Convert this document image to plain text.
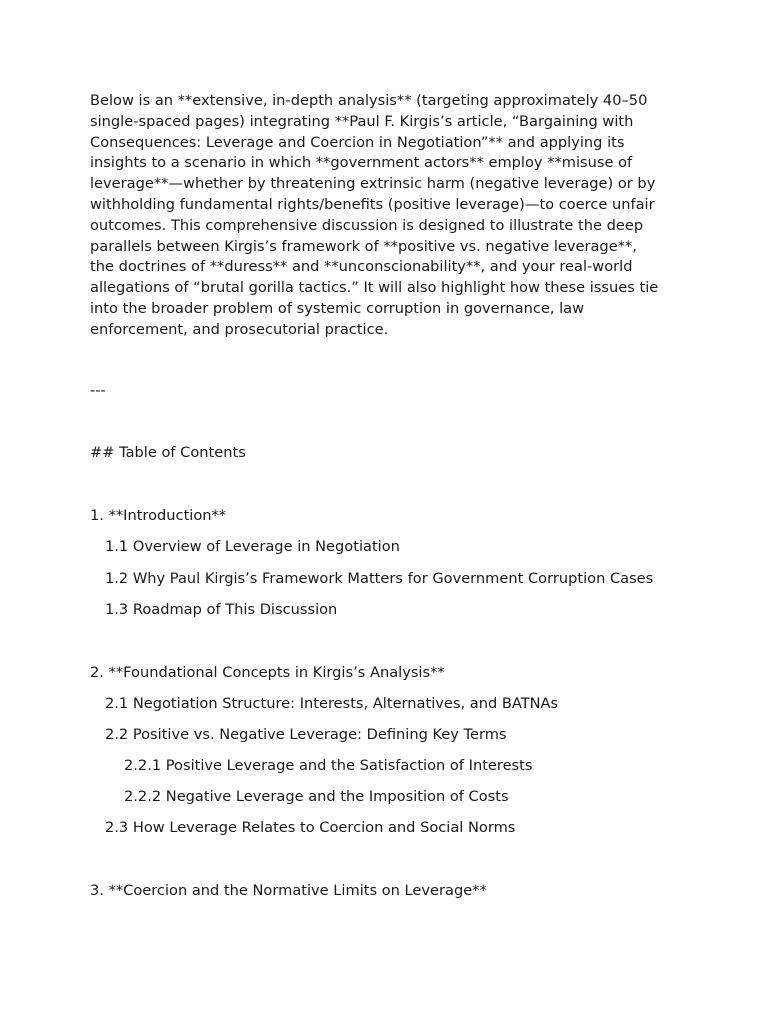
Below is an **extensive, in-depth analysis** (targeting approximately 40–50
single-spaced pages) integrating **Paul F. Kirgis’s article, “Bargaining with
Consequences: Leverage and Coercion in Negotiation”** and applying its
insights to a scenario in which **government actors** employ **misuse of
leverage**—whether by threatening extrinsic harm (negative leverage) or by
withholding fundamental rights/benefits (positive leverage)—to coerce unfair
outcomes. This comprehensive discussion is designed to illustrate the deep
parallels between Kirgis’s framework of **positive vs. negative leverage**,
the doctrines of **duress** and **unconscionability**, and your real-world
allegations of “brutal gorilla tactics.” It will also highlight how these issues tie
into the broader problem of systemic corruption in governance, law
enforcement, and prosecutorial practice.

---
## Table of Contents
1. **Introduction**
1.1 Overview of Leverage in Negotiation
1.2 Why Paul Kirgis’s Framework Matters for Government Corruption Cases
1.3 Roadmap of This Discussion
2. **Foundational Concepts in Kirgis’s Analysis**
2.1 Negotiation Structure: Interests, Alternatives, and BATNAs
2.2 Positive vs. Negative Leverage: Defining Key Terms
2.2.1 Positive Leverage and the Satisfaction of Interests
2.2.2 Negative Leverage and the Imposition of Costs
2.3 How Leverage Relates to Coercion and Social Norms
3. **Coercion and the Normative Limits on Leverage**
